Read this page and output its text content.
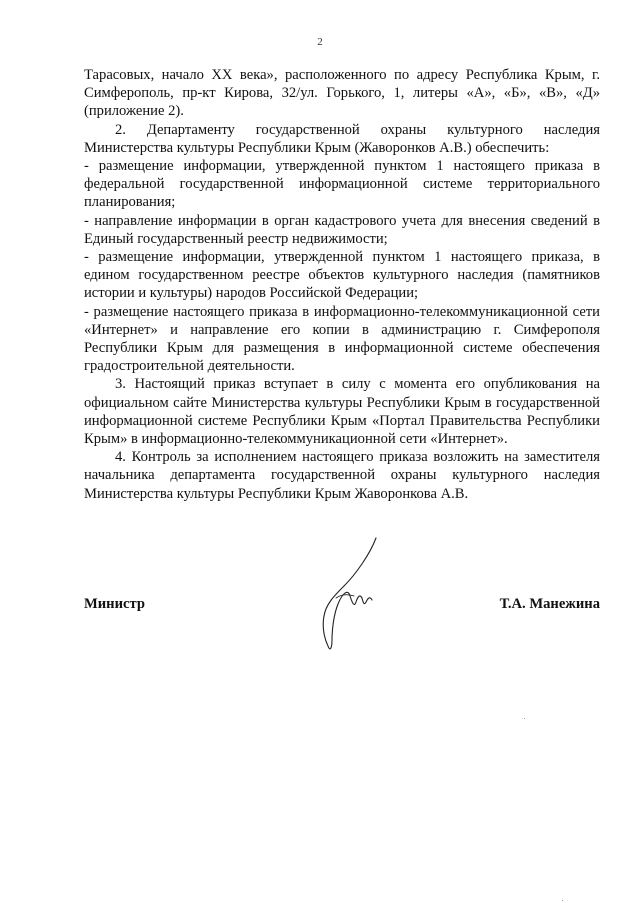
2

Тарасовых, начало XX века», расположенного по адресу Республика Крым, г. Симферополь, пр-кт Кирова, 32/ул. Горького, 1, литеры «А», «Б», «В», «Д» (приложение 2).

2. Департаменту государственной охраны культурного наследия Министерства культуры Республики Крым (Жаворонков А.В.) обеспечить:

- размещение информации, утвержденной пунктом 1 настоящего приказа в федеральной государственной информационной системе территориального планирования;

- направление информации в орган кадастрового учета для внесения сведений в Единый государственный реестр недвижимости;

- размещение информации, утвержденной пунктом 1 настоящего приказа, в едином государственном реестре объектов культурного наследия (памятников истории и культуры) народов Российской Федерации;

- размещение настоящего приказа в информационно-телекоммуникационной сети «Интернет» и направление его копии в администрацию г. Симферополя Республики Крым для размещения в информационной системе обеспечения градостроительной деятельности.

3. Настоящий приказ вступает в силу с момента его опубликования на официальном сайте Министерства культуры Республики Крым в государственной информационной системе Республики Крым «Портал Правительства Республики Крым» в информационно-телекоммуникационной сети «Интернет».

4. Контроль за исполнением настоящего приказа возложить на заместителя начальника департамента государственной охраны культурного наследия Министерства культуры Республики Крым Жаворонкова А.В.

Министр	Т.А. Манежина
